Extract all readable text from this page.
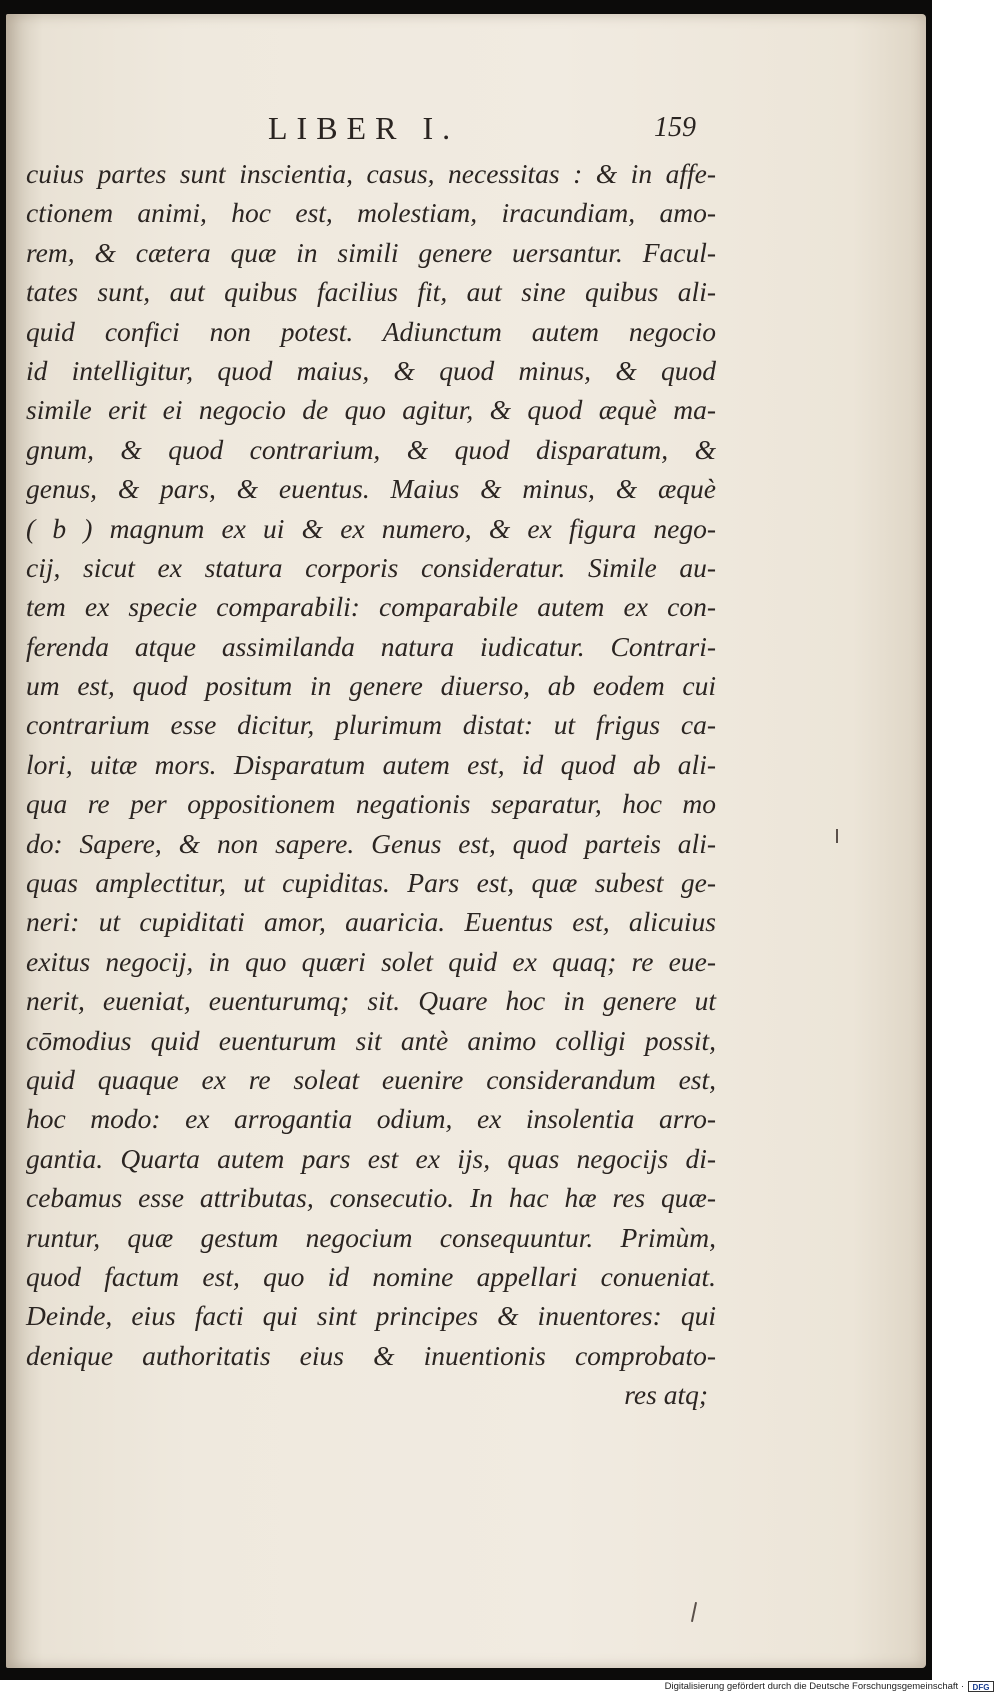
LIBER I.	159
cuius partes sunt inscientia, casus, necessitas : & in affe-
ctionem animi, hoc est, molestiam, iracundiam, amo-
rem, & cætera quæ in simili genere uersantur. Facul-
tates sunt, aut quibus facilius fit, aut sine quibus ali-
quid confici non potest. Adiunctum autem negocio
id intelligitur, quod maius, & quod minus, & quod
simile erit ei negocio de quo agitur, & quod æquè ma-
gnum, & quod contrarium, & quod disparatum, &
genus, & pars, & euentus. Maius & minus, & æquè
( b ) magnum ex ui & ex numero, & ex figura nego-
cij, sicut ex statura corporis consideratur. Simile au-
tem ex specie comparabili: comparabile autem ex con-
ferenda atque assimilanda natura iudicatur. Contrari-
um est, quod positum in genere diuerso, ab eodem cui
contrarium esse dicitur, plurimum distat: ut frigus ca-
lori, uitæ mors. Disparatum autem est, id quod ab ali-
qua re per oppositionem negationis separatur, hoc mo
do: Sapere, & non sapere. Genus est, quod parteis ali-
quas amplectitur, ut cupiditas. Pars est, quæ subest ge-
neri: ut cupiditati amor, auaricia. Euentus est, alicuius
exitus negocij, in quo quæri solet quid ex quaq; re eue-
nerit, eueniat, euenturumq; sit. Quare hoc in genere ut
cōmodius quid euenturum sit antè animo colligi possit,
quid quaque ex re soleat euenire considerandum est,
hoc modo: ex arrogantia odium, ex insolentia arro-
gantia. Quarta autem pars est ex ijs, quas negocijs di-
cebamus esse attributas, consecutio. In hac hæ res quæ-
runtur, quæ gestum negocium consequuntur. Primùm,
quod factum est, quo id nomine appellari conueniat.
Deinde, eius facti qui sint principes & inuentores: qui
denique authoritatis eius & inuentionis comprobato-
res atq;
Digitalisierung gefördert durch die Deutsche Forschungsgemeinschaft ·	DFG
